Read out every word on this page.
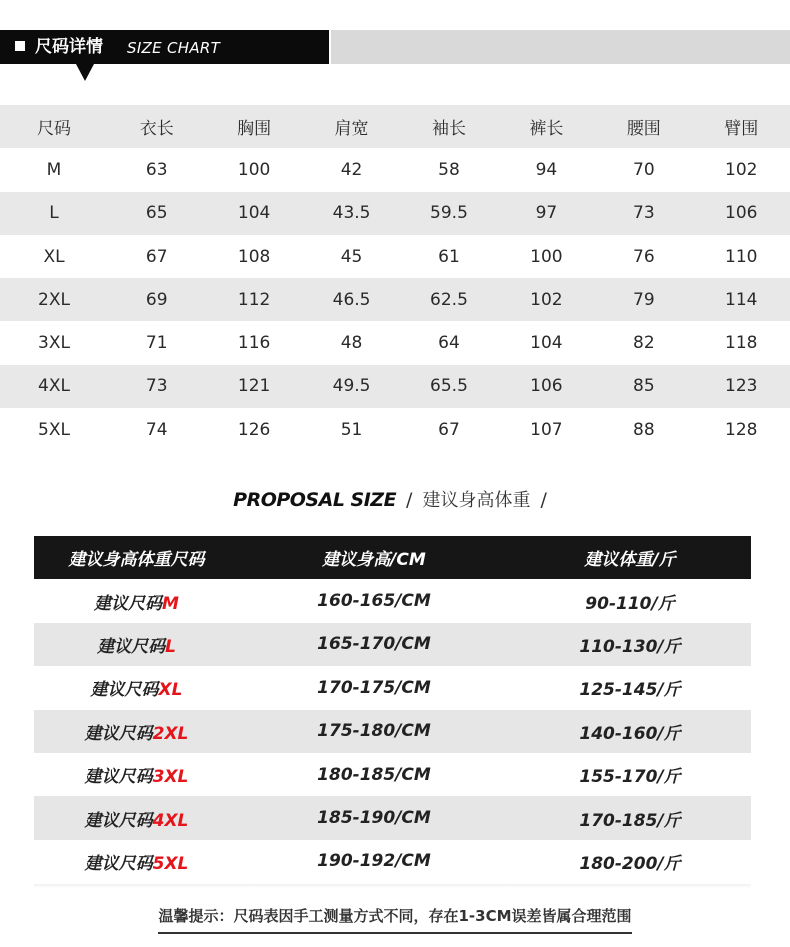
尺码详情 SIZE CHART
尺码	衣长	胸围	肩宽	袖长	裤长	腰围	臂围
M	63	100	42	58	94	70	102
L	65	104	43.5	59.5	97	73	106
XL	67	108	45	61	100	76	110
2XL	69	112	46.5	62.5	102	79	114
3XL	71	116	48	64	104	82	118
4XL	73	121	49.5	65.5	106	85	123
5XL	74	126	51	67	107	88	128
PROPOSAL SIZE / 建议身高体重 /
建议身高体重尺码	建议身高/CM	建议体重/斤
建议尺码M	160-165/CM	90-110/斤
建议尺码L	165-170/CM	110-130/斤
建议尺码XL	170-175/CM	125-145/斤
建议尺码2XL	175-180/CM	140-160/斤
建议尺码3XL	180-185/CM	155-170/斤
建议尺码4XL	185-190/CM	170-185/斤
建议尺码5XL	190-192/CM	180-200/斤
温馨提示：尺码表因手工测量方式不同，存在1-3CM误差皆属合理范围
